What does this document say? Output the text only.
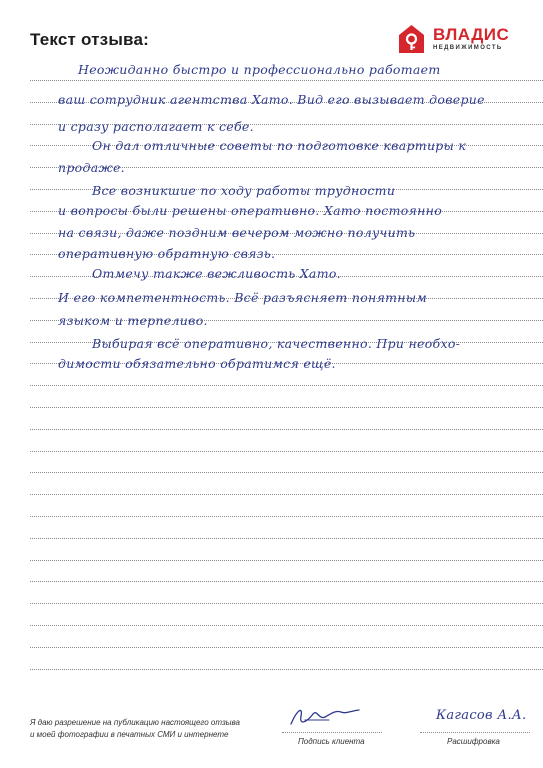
Текст отзыва:	ВЛАДИС
НЕДВИЖИМОСТЬ
Неожиданно быстро и профессионально работает
ваш сотрудник агентства Хато. Вид его вызывает доверие
и сразу располагает к себе.
Он дал отличные советы по подготовке квартиры к
продаже.
Все возникшие по ходу работы трудности
и вопросы были решены оперативно. Хато постоянно
на связи, даже поздним вечером можно получить
оперативную обратную связь.
Отмечу также вежливость Хато.
И его компетентность. Всё разъясняет понятным
языком и терпеливо.
Выбирая всё оперативно, качественно. При необхо-
димости обязательно обратимся ещё.
Я даю разрешение на публикацию настоящего отзыва
и моей фотографии в печатных СМИ и интернете
Подпись клиента
Кагасов А.А.
Расшифровка
